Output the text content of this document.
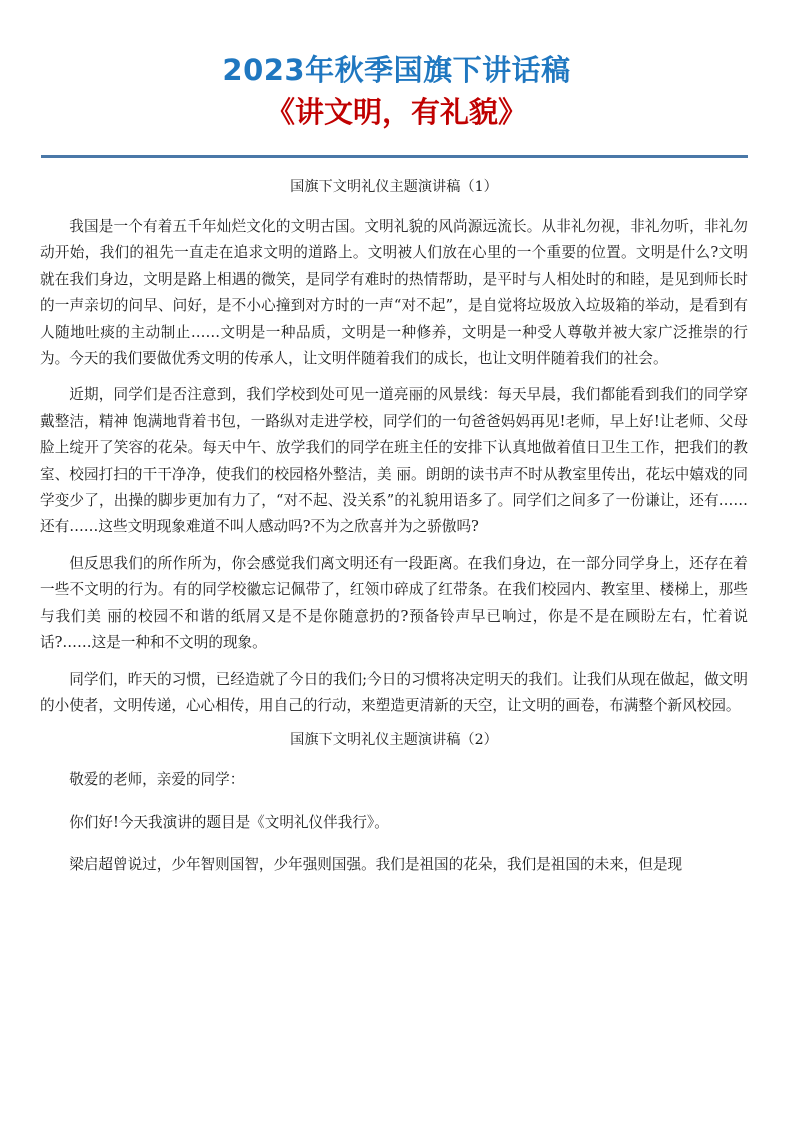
2023年秋季国旗下讲话稿
《讲文明，有礼貌》
国旗下文明礼仪主题演讲稿（1）

我国是一个有着五千年灿烂文化的文明古国。文明礼貌的风尚源远流长。从非礼勿视，非礼勿听，非礼勿动开始，我们的祖先一直走在追求文明的道路上。文明被人们放在心里的一个重要的位置。文明是什么?文明就在我们身边，文明是路上相遇的微笑，是同学有难时的热情帮助，是平时与人相处时的和睦，是见到师长时的一声亲切的问早、问好，是不小心撞到对方时的一声“对不起”，是自觉将垃圾放入垃圾箱的举动，是看到有人随地吐痰的主动制止……文明是一种品质，文明是一种修养，文明是一种受人尊敬并被大家广泛推崇的行为。今天的我们要做优秀文明的传承人，让文明伴随着我们的成长，也让文明伴随着我们的社会。

近期，同学们是否注意到，我们学校到处可见一道亮丽的风景线：每天早晨，我们都能看到我们的同学穿戴整洁，精神 饱满地背着书包，一路纵对走进学校，同学们的一句爸爸妈妈再见!老师，早上好!让老师、父母脸上绽开了笑容的花朵。每天中午、放学我们的同学在班主任的安排下认真地做着值日卫生工作，把我们的教室、校园打扫的干干净净，使我们的校园格外整洁，美 丽。朗朗的读书声不时从教室里传出，花坛中嬉戏的同学变少了，出操的脚步更加有力了，“对不起、没关系”的礼貌用语多了。同学们之间多了一份谦让，还有……还有……这些文明现象难道不叫人感动吗?不为之欣喜并为之骄傲吗?

但反思我们的所作所为，你会感觉我们离文明还有一段距离。在我们身边，在一部分同学身上，还存在着一些不文明的行为。有的同学校徽忘记佩带了，红领巾碎成了红带条。在我们校园内、教室里、楼梯上，那些与我们美 丽的校园不和谐的纸屑又是不是你随意扔的?预备铃声早已响过，你是不是在顾盼左右，忙着说话?……这是一种和不文明的现象。

同学们，昨天的习惯，已经造就了今日的我们;今日的习惯将决定明天的我们。让我们从现在做起，做文明的小使者，文明传递，心心相传，用自己的行动，来塑造更清新的天空，让文明的画卷，布满整个新风校园。

国旗下文明礼仪主题演讲稿（2）

敬爱的老师，亲爱的同学：

你们好!今天我演讲的题目是《文明礼仪伴我行》。

梁启超曾说过，少年智则国智，少年强则国强。我们是祖国的花朵，我们是祖国的未来，但是现
